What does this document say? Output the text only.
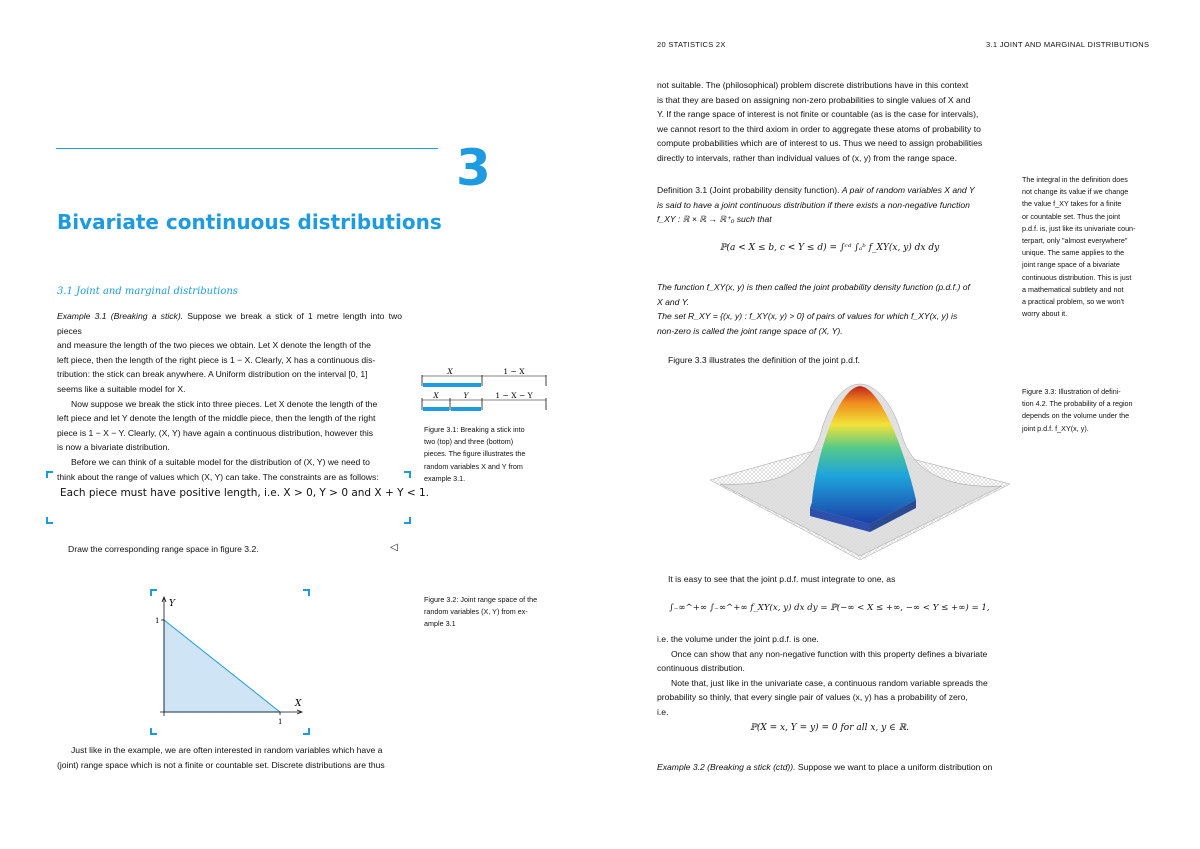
3
Bivariate continuous distributions
3.1 Joint and marginal distributions

Example 3.1 (Breaking a stick). Suppose we break a stick of 1 metre length into two pieces

and measure the length of the two pieces we obtain. Let X denote the length of the

left piece, then the length of the right piece is 1 − X. Clearly, X has a continuous dis-

tribution: the stick can break anywhere. A Uniform distribution on the interval [0, 1]

seems like a suitable model for X.

Now suppose we break the stick into three pieces. Let X denote the length of the

left piece and let Y denote the length of the middle piece, then the length of the right

piece is 1 − X − Y. Clearly, (X, Y) have again a continuous distribution, however this

is now a bivariate distribution.

Before we can think of a suitable model for the distribution of (X, Y) we need to

think about the range of values which (X, Y) can take. The constraints are as follows:

Each piece must have positive length, i.e. X > 0, Y > 0 and X + Y < 1.
Draw the corresponding range space in figure 3.2.	◁
X	1 − X
X	Y	1 − X − Y
Figure 3.1: Breaking a stick into
two (top) and three (bottom)
pieces. The figure illustrates the
random variables X and Y from
example 3.1.
Y
X
1
1
Figure 3.2: Joint range space of the
random variables (X, Y) from ex-
ample 3.1

Just like in the example, we are often interested in random variables which have a

(joint) range space which is not a finite or countable set. Discrete distributions are thus

20 STATISTICS 2X	3.1 JOINT AND MARGINAL DISTRIBUTIONS

not suitable. The (philosophical) problem discrete distributions have in this context

is that they are based on assigning non-zero probabilities to single values of X and

Y. If the range space of interest is not finite or countable (as is the case for intervals),

we cannot resort to the third axiom in order to aggregate these atoms of probability to

compute probabilities which are of interest to us. Thus we need to assign probabilities

directly to intervals, rather than individual values of (x, y) from the range space.

Definition 3.1 (Joint probability density function). A pair of random variables X and Y

is said to have a joint continuous distribution if there exists a non-negative function

f_XY : ℝ × ℝ → ℝ⁺₀ such that

ℙ(a < X ≤ b, c < Y ≤ d) = ∫ᶜᵈ ∫ₐᵇ f_XY(x, y) dx dy

The function f_XY(x, y) is then called the joint probability density function (p.d.f.) of

X and Y.

The set R_XY = {(x, y) : f_XY(x, y) > 0} of pairs of values for which f_XY(x, y) is

non-zero is called the joint range space of (X, Y).

Figure 3.3 illustrates the definition of the joint p.d.f.
Figure 3.3: Illustration of defini-
tion 4.2. The probability of a region
depends on the volume under the
joint p.d.f. f_XY(x, y).
The integral in the definition does
not change its value if we change
the value f_XY takes for a finite
or countable set. Thus the joint
p.d.f. is, just like its univariate coun-
terpart, only "almost everywhere"
unique. The same applies to the
joint range space of a bivariate
continuous distribution. This is just
a mathematical subtlety and not
a practical problem, so we won't
worry about it.
It is easy to see that the joint p.d.f. must integrate to one, as
∫₋∞^+∞ ∫₋∞^+∞ f_XY(x, y) dx dy = ℙ(−∞ < X ≤ +∞, −∞ < Y ≤ +∞) = 1,

i.e. the volume under the joint p.d.f. is one.

Once can show that any non-negative function with this property defines a bivariate

continuous distribution.

Note that, just like in the univariate case, a continuous random variable spreads the

probability so thinly, that every single pair of values (x, y) has a probability of zero,

i.e.

ℙ(X = x, Y = y) = 0 for all x, y ∈ ℝ.

Example 3.2 (Breaking a stick (ctd)). Suppose we want to place a uniform distribution on
